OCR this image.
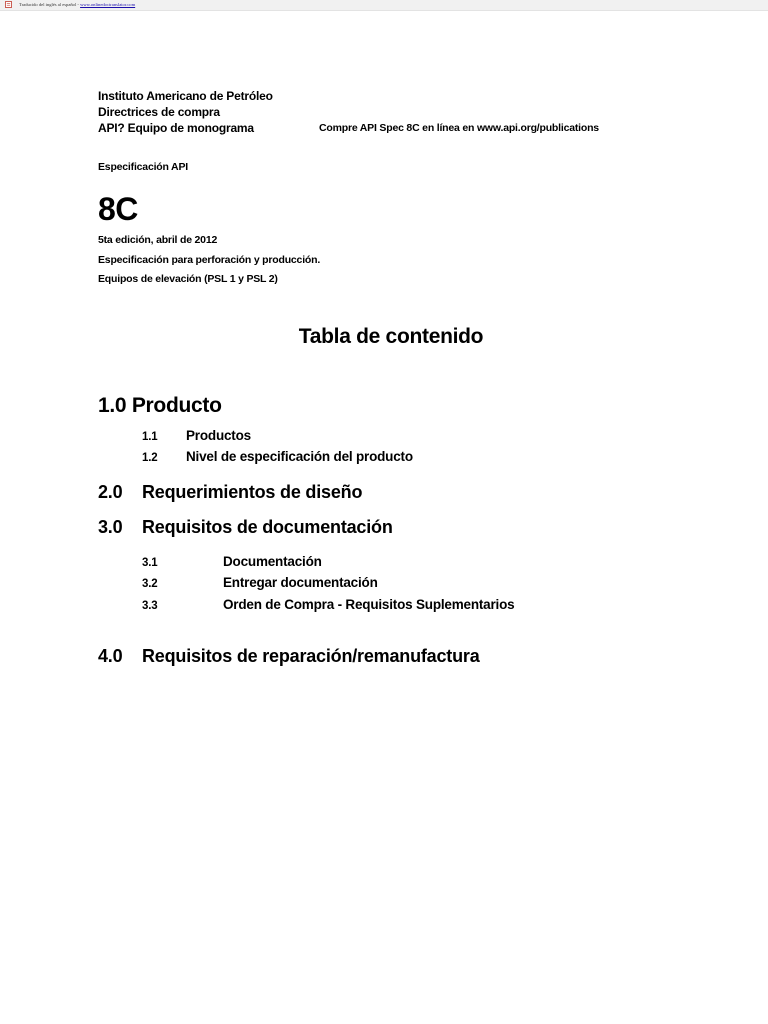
Traducido del inglés al español - www.onlinedoctranslator.com
Instituto Americano de Petróleo
Directrices de compra
API? Equipo de monograma	Compre API Spec 8C en línea en www.api.org/publications
Especificación API
8C
5ta edición, abril de 2012
Especificación para perforación y producción.
Equipos de elevación (PSL 1 y PSL 2)
Tabla de contenido
1.0 Producto
1.1 Productos
1.2 Nivel de especificación del producto
2.0 Requerimientos de diseño
3.0 Requisitos de documentación
3.1	Documentación
3.2	Entregar documentación
3.3	Orden de Compra - Requisitos Suplementarios
4.0 Requisitos de reparación/remanufactura
